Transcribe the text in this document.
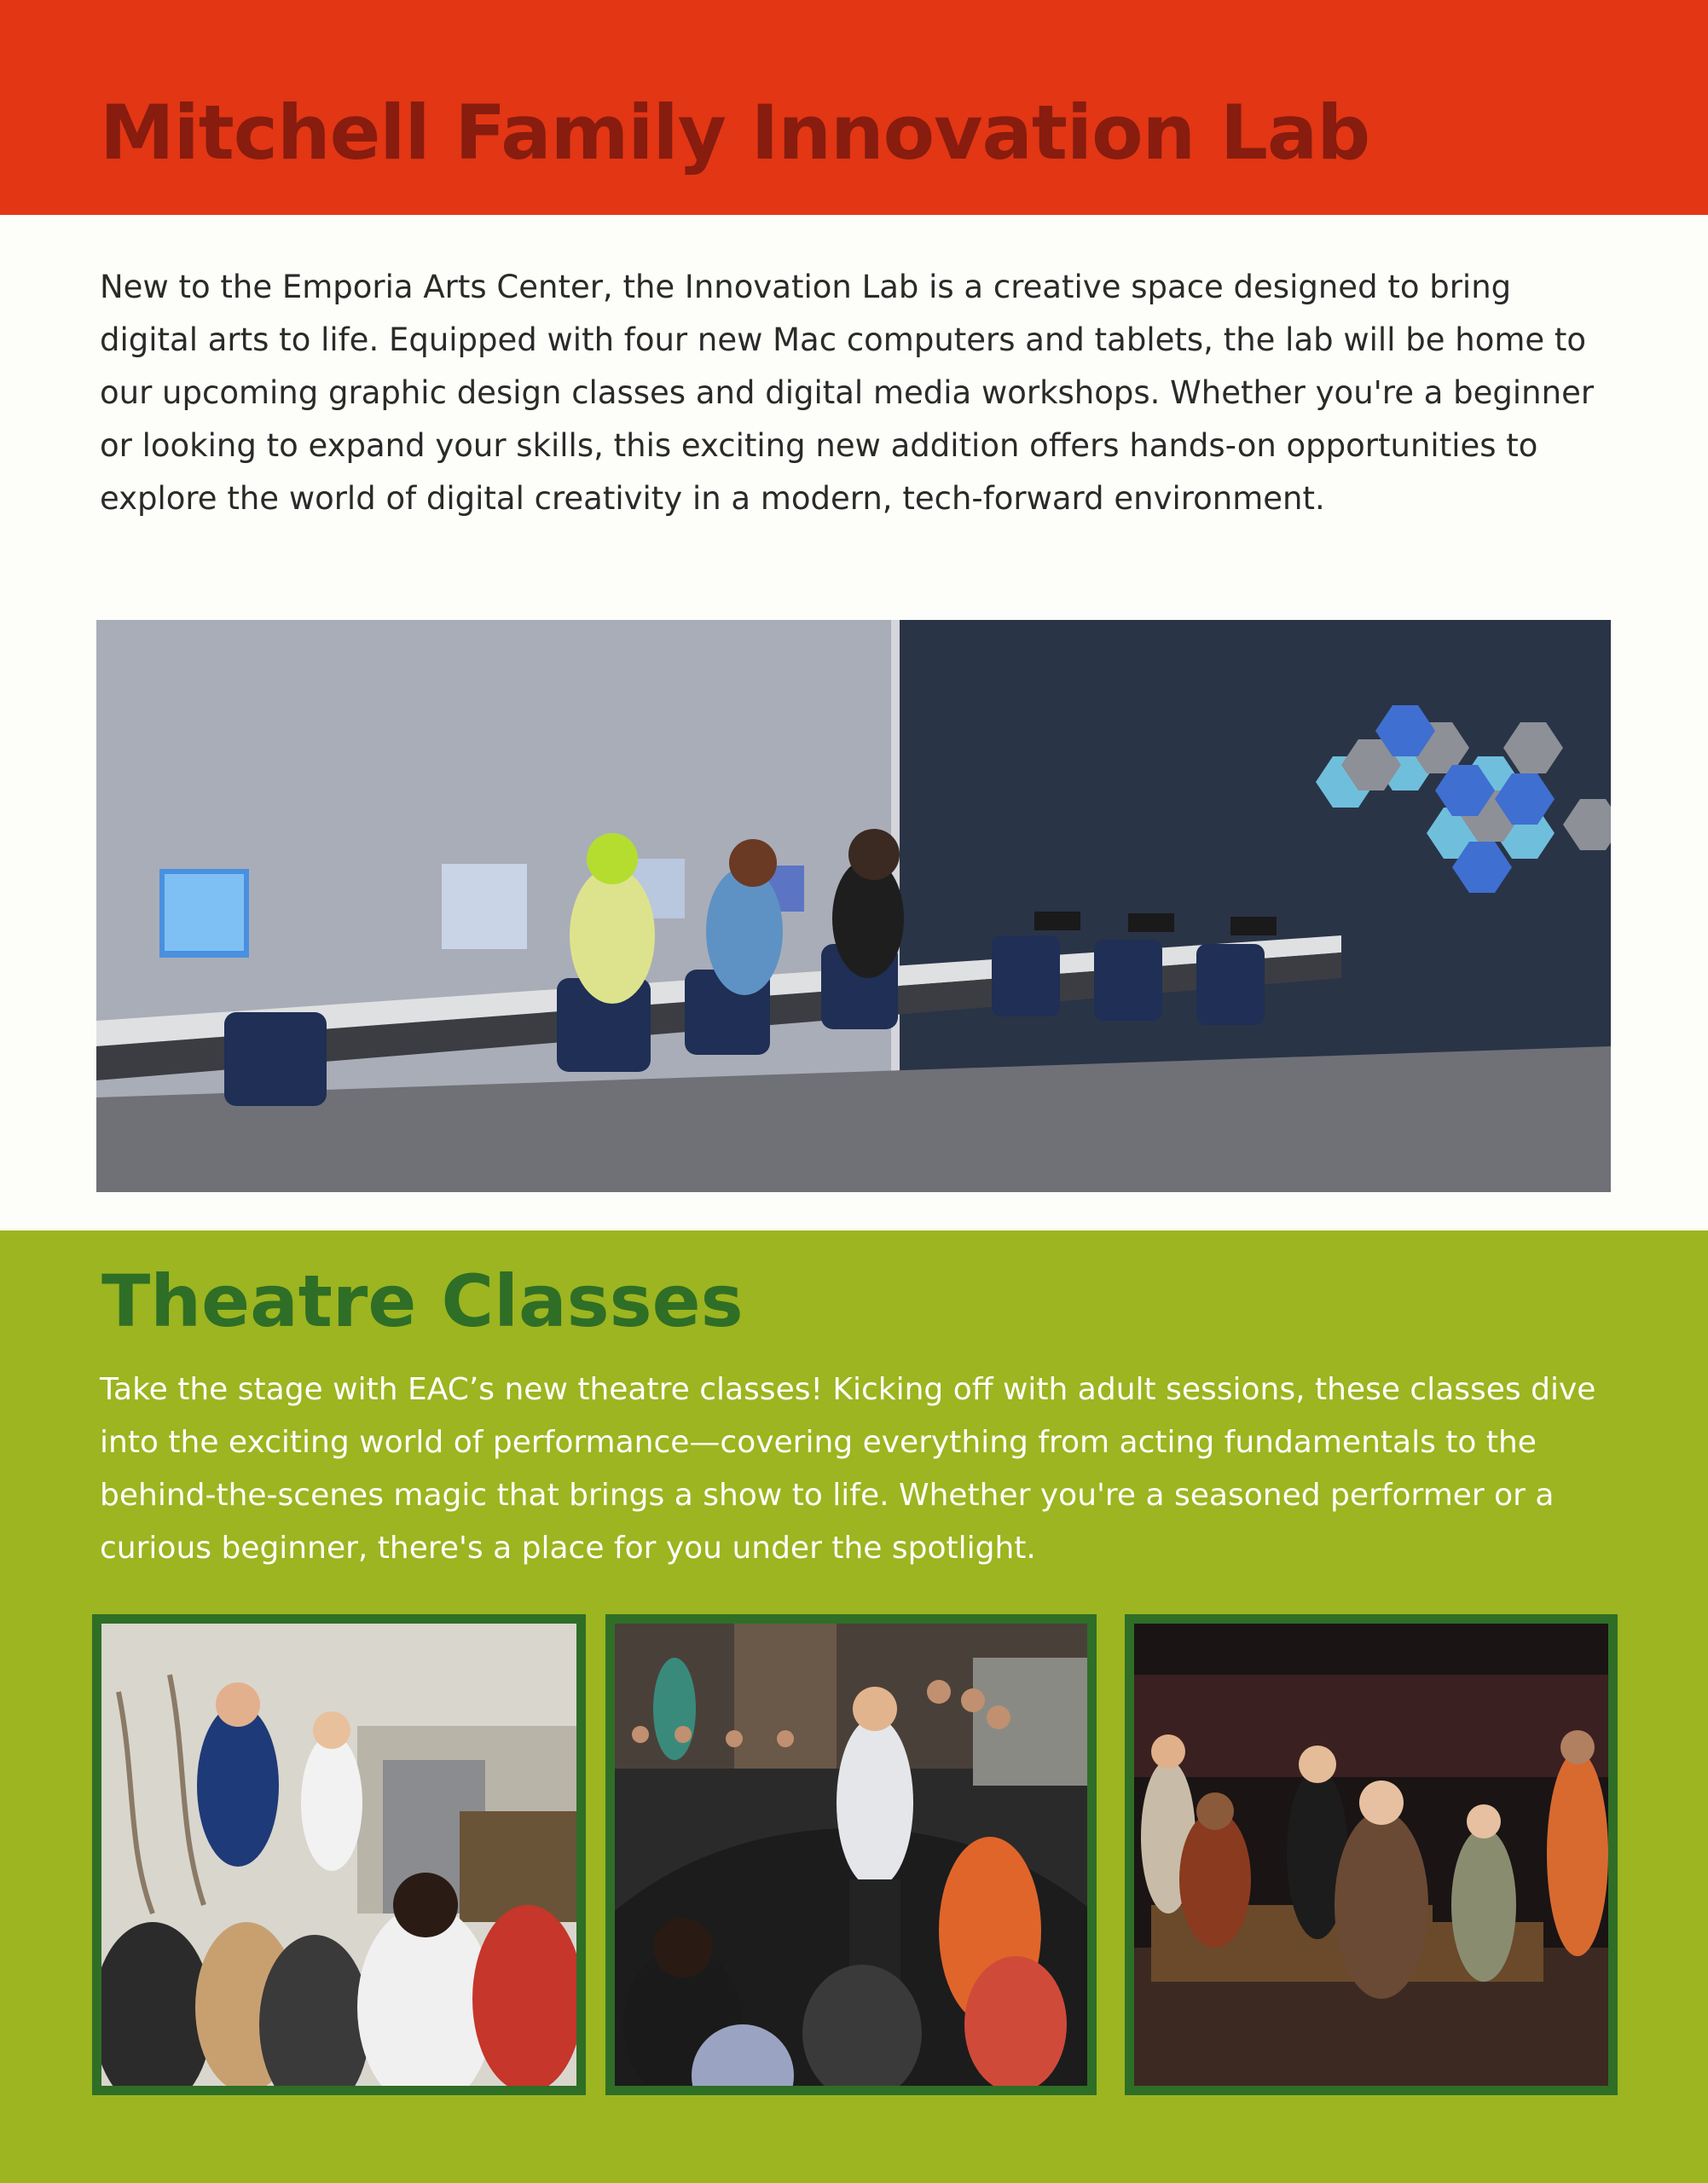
Mitchell Family Innovation Lab

New to the Emporia Arts Center, the Innovation Lab is a creative space designed to bring digital arts to life. Equipped with four new Mac computers and tablets, the lab will be home to our upcoming graphic design classes and digital media workshops. Whether you're a beginner or looking to expand your skills, this exciting new addition offers hands-on opportunities to explore the world of digital creativity in a modern, tech-forward environment.

Theatre Classes

Take the stage with EAC’s new theatre classes! Kicking off with adult sessions, these classes dive into the exciting world of performance—covering everything from acting fundamentals to the behind-the-scenes magic that brings a show to life. Whether you're a seasoned performer or a curious beginner, there's a place for you under the spotlight.
